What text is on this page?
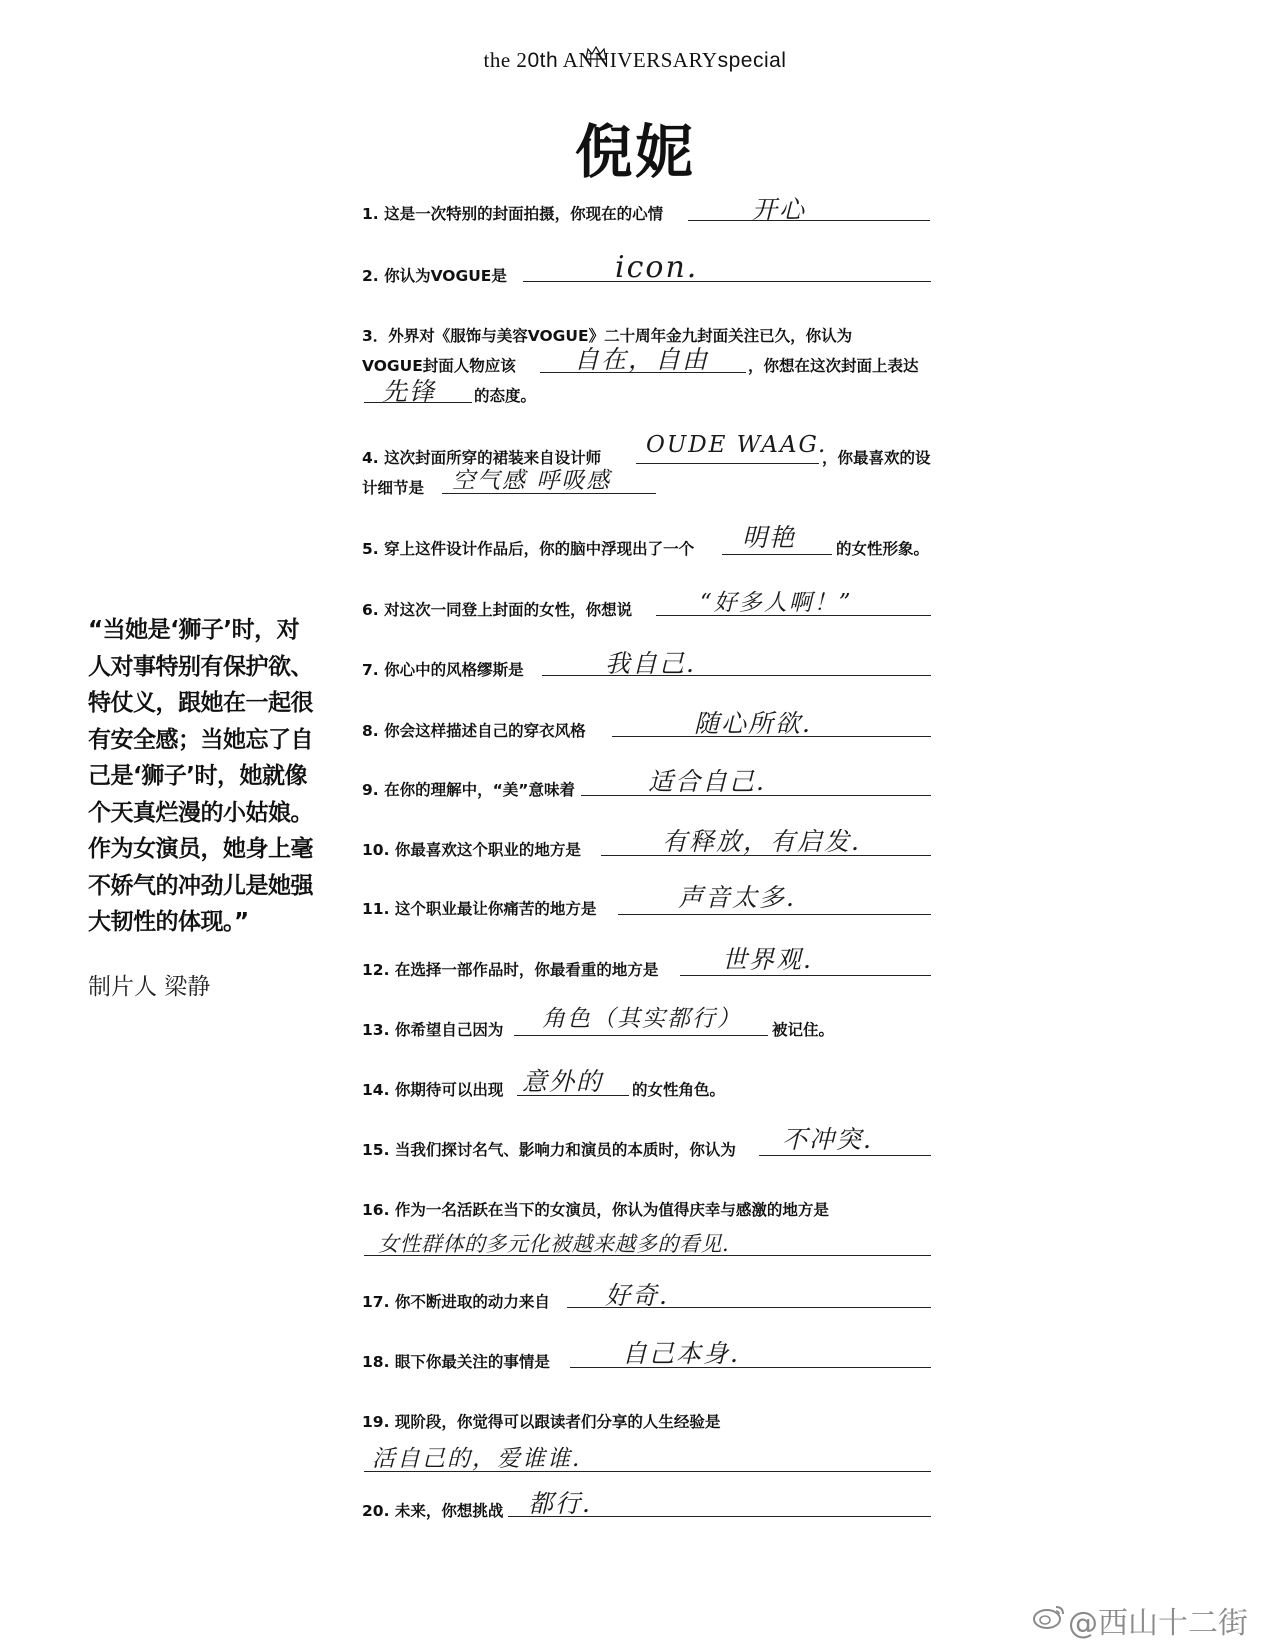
the 20th ANNIVERSARYspecial
倪妮
“当她是‘狮子’时，对人对事特别有保护欲、特仗义，跟她在一起很有安全感；当她忘了自己是‘狮子’时，她就像个天真烂漫的小姑娘。作为女演员，她身上毫不娇气的冲劲儿是她强大韧性的体现。”
制片人 梁静
1. 这是一次特别的封面拍摄，你现在的心情	开心
2. 你认为VOGUE是	icon.
3．外界对《服饰与美容VOGUE》二十周年金九封面关注已久，你认为
VOGUE封面人物应该 自在，自由	，你想在这次封面上表达
先锋 的态度。
4. 这次封面所穿的裙装来自设计师 OUDE WAAG.
，你最喜欢的设
计细节是 空气感 呼吸感
5. 穿上这件设计作品后，你的脑中浮现出了一个 明艳	的女性形象。
6. 对这次一同登上封面的女性，你想说	“好多人啊！”
7. 你心中的风格缪斯是	我自己.
8. 你会这样描述自己的穿衣风格	随心所欲.
9. 在你的理解中，“美”意味着	适合自己.
10. 你最喜欢这个职业的地方是	有释放，有启发.
11. 这个职业最让你痛苦的地方是	声音太多.
12. 在选择一部作品时，你最看重的地方是	世界观.
13. 你希望自己因为 角色（其实都行） 被记住。
14. 你期待可以出现 意外的 的女性角色。
15. 当我们探讨名气、影响力和演员的本质时，你认为 不冲突.
16. 作为一名活跃在当下的女演员，你认为值得庆幸与感激的地方是
女性群体的多元化被越来越多的看见.
17. 你不断进取的动力来自 好奇.
18. 眼下你最关注的事情是	自己本身.
19. 现阶段，你觉得可以跟读者们分享的人生经验是
活自己的，爱谁谁.
20. 未来，你想挑战 都行.
@西山十二街
